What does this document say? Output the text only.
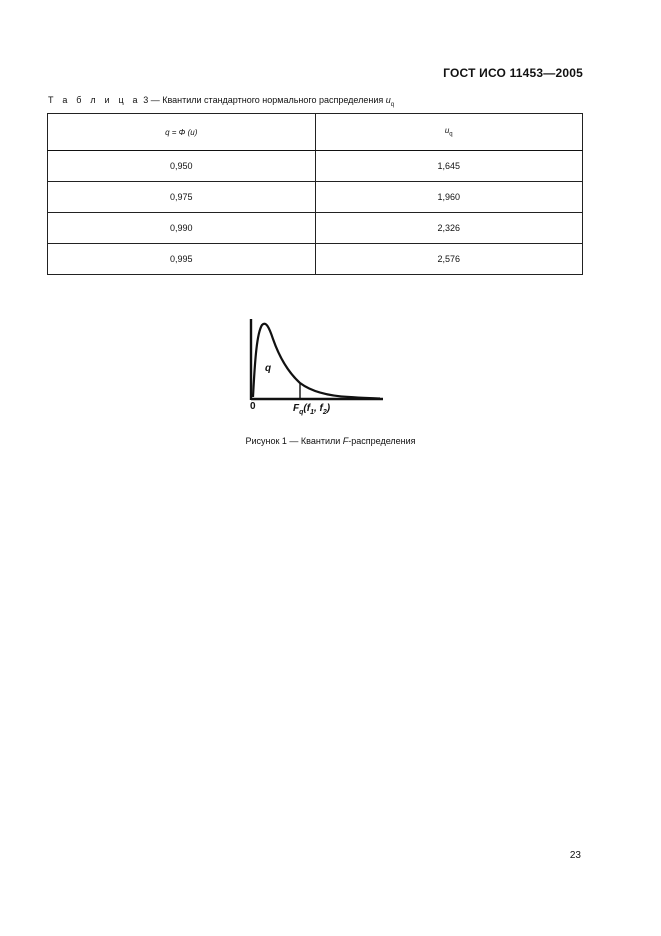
ГОСТ ИСО 11453—2005
Т а б л и ц а 3 — Квантили стандартного нормального распределения $u_q$
q = Φ (u)	$u_q$
0,950	1,645
0,975	1,960
0,990	2,326
0,995	2,576
q
0	$F_q(f_1$, $f_2$)
Рисунок 1 — Квантили F-распределения
23
